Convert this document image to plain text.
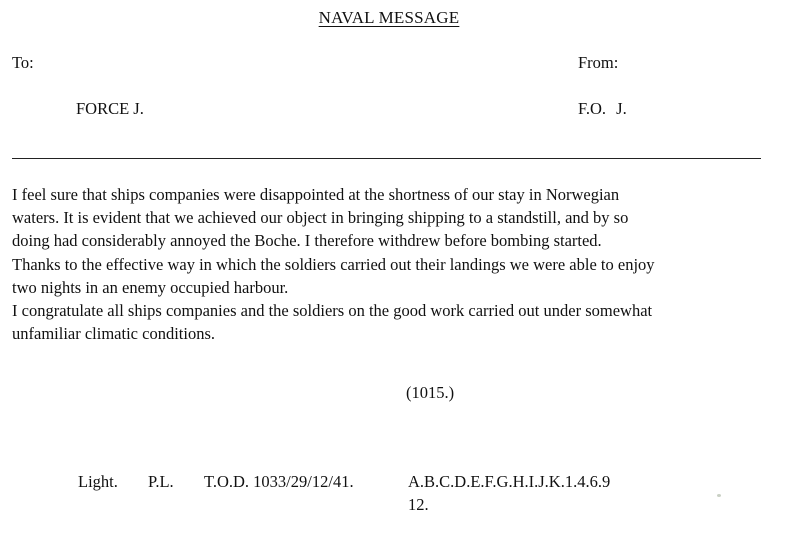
NAVAL MESSAGE
To:	From:
FORCE J.	F.O. J.
I feel sure that ships companies were disappointed at the shortness of our stay in Norwegian
waters. It is evident that we achieved our object in bringing shipping to a standstill, and by so
doing had considerably annoyed the Boche. I therefore withdrew before bombing started.
Thanks to the effective way in which the soldiers carried out their landings we were able to enjoy
two nights in an enemy occupied harbour.
I congratulate all ships companies and the soldiers on the good work carried out under somewhat
unfamiliar climatic conditions.
(1015.)
Light. P.L. T.O.D. 1033/29/12/41.	A.B.C.D.E.F.G.H.I.J.K.1.4.6.9
12.
